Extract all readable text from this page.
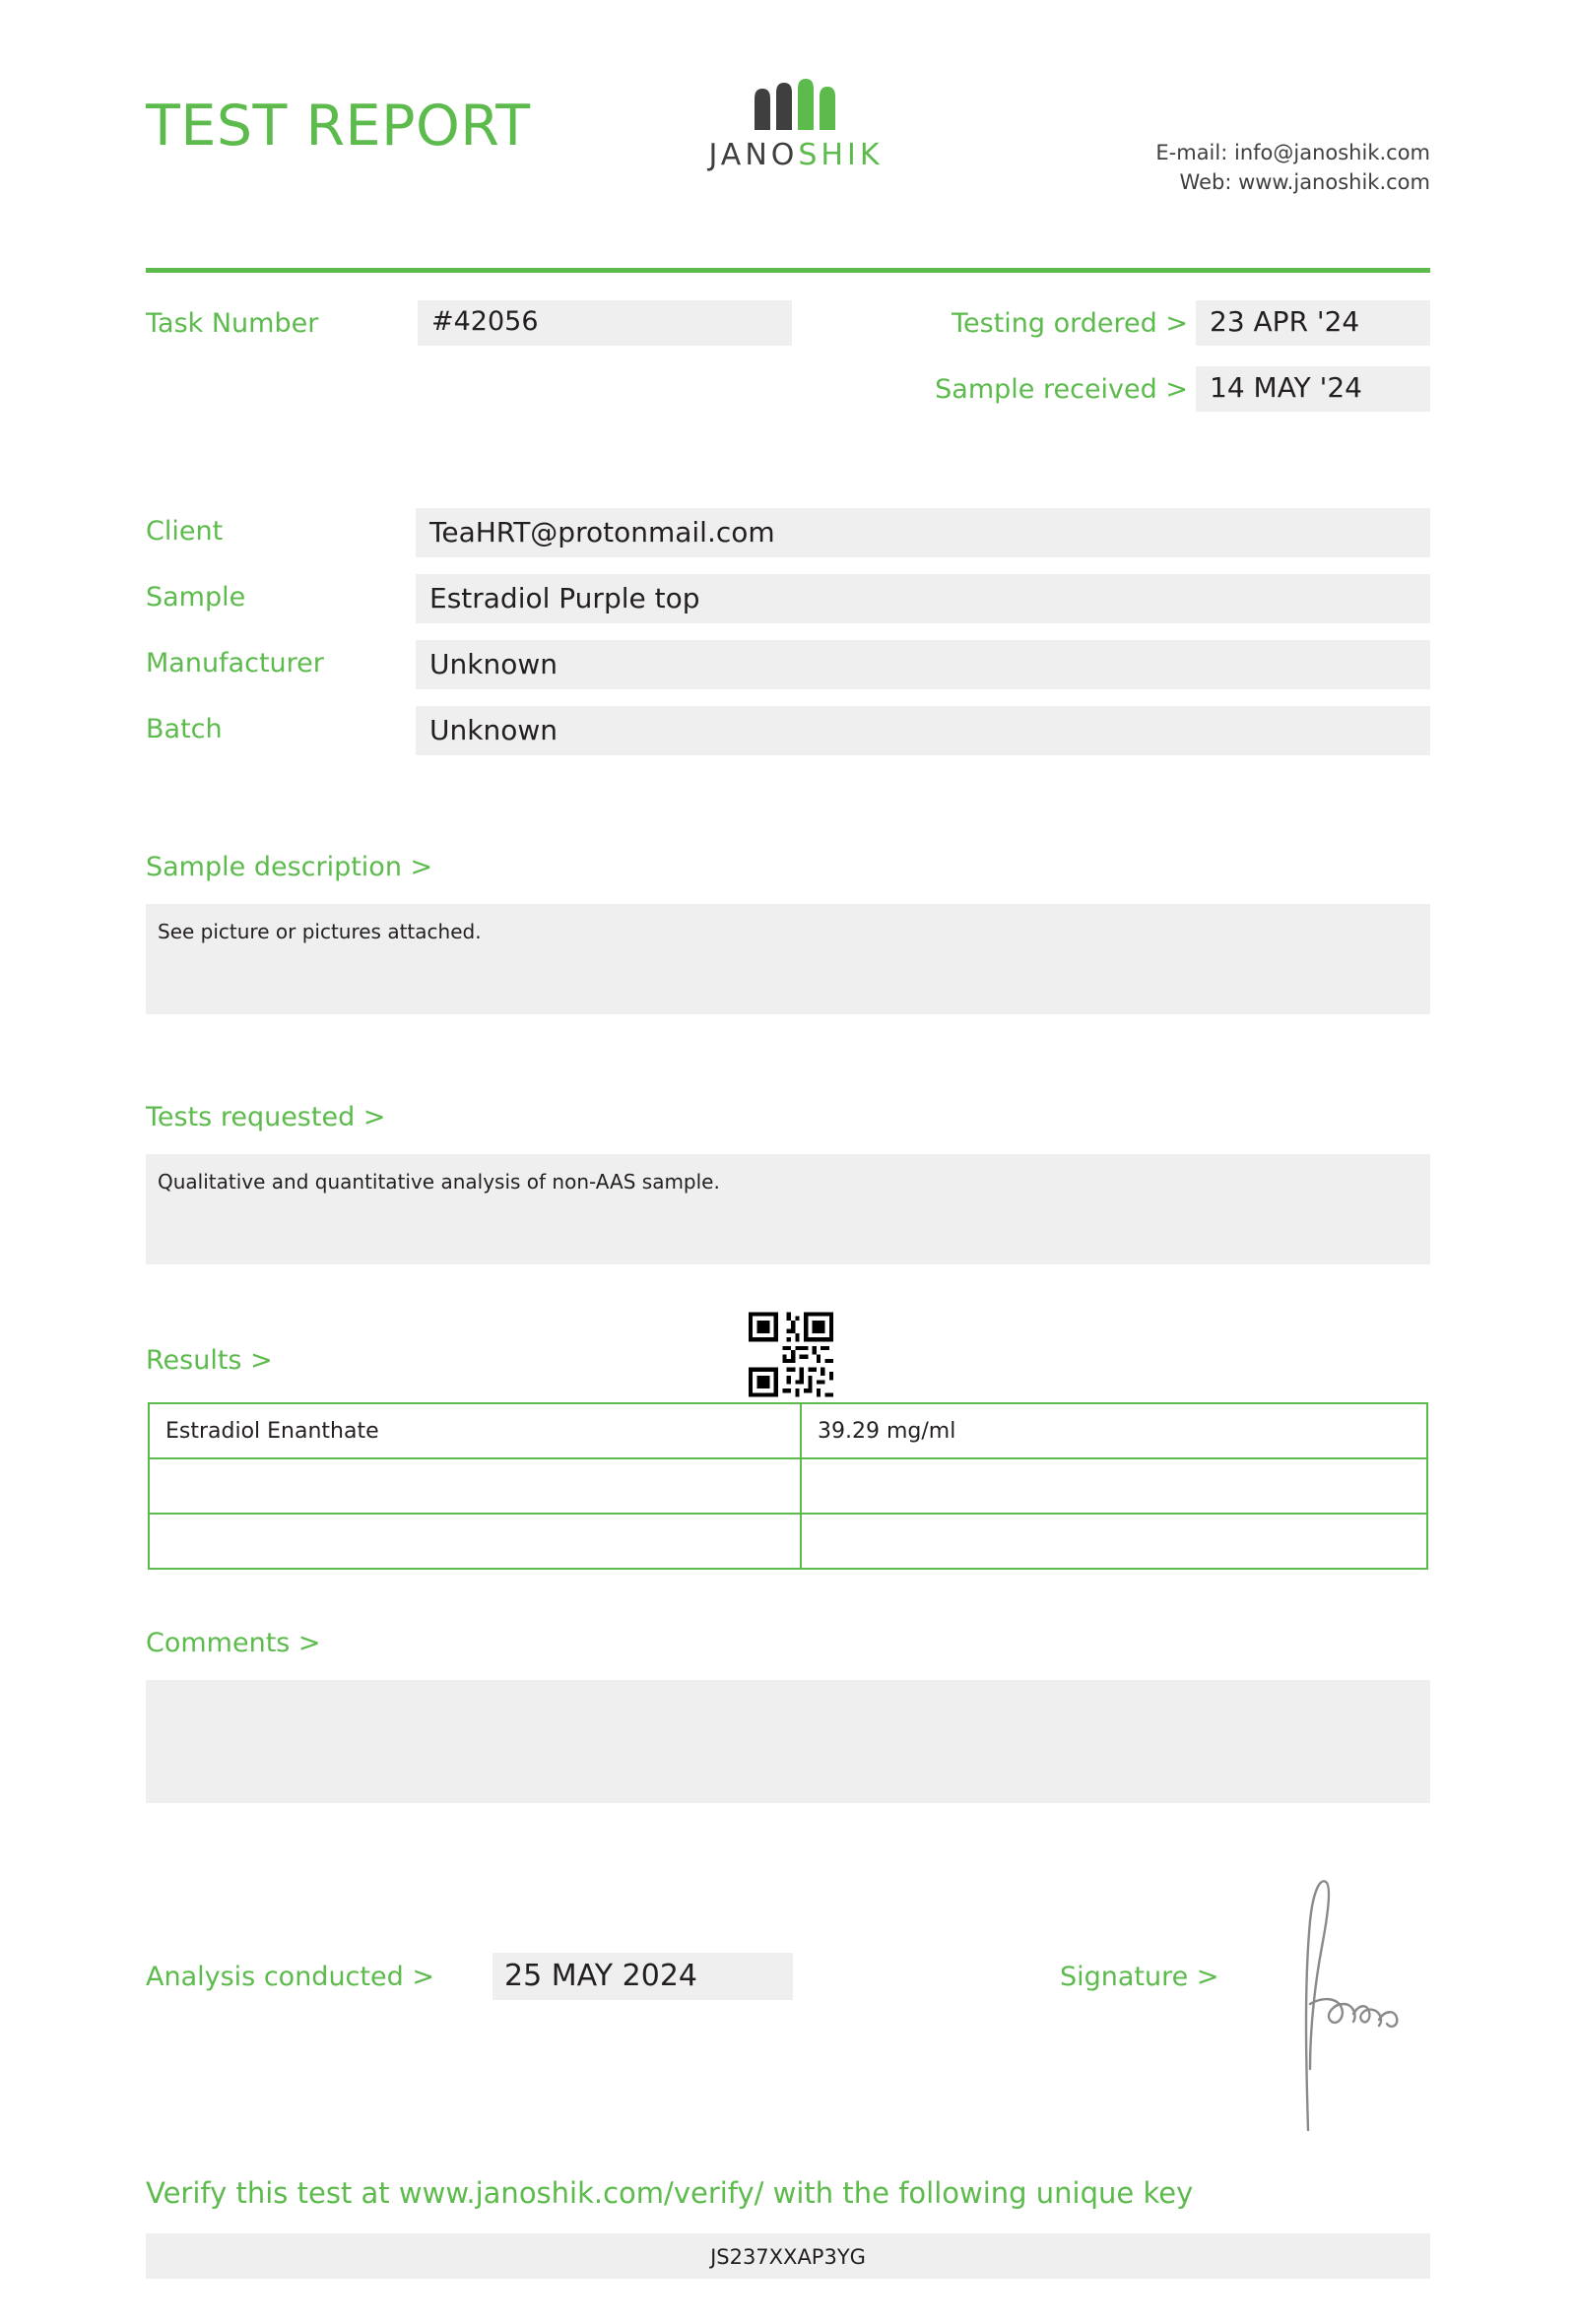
TEST REPORT	JANOSHIK	E-mail: info@janoshik.com
Web: www.janoshik.com
Task Number	#42056	Testing ordered > 23 APR '24
Sample received > 14 MAY '24
Client	TeaHRT@protonmail.com
Sample	Estradiol Purple top
Manufacturer	Unknown
Batch	Unknown
Sample description >
See picture or pictures attached.
Tests requested >
Qualitative and quantitative analysis of non-AAS sample.
Results >
Estradiol Enanthate	39.29 mg/ml

Comments >
Analysis conducted >	25 MAY 2024	Signature >
Verify this test at www.janoshik.com/verify/ with the following unique key
JS237XXAP3YG
